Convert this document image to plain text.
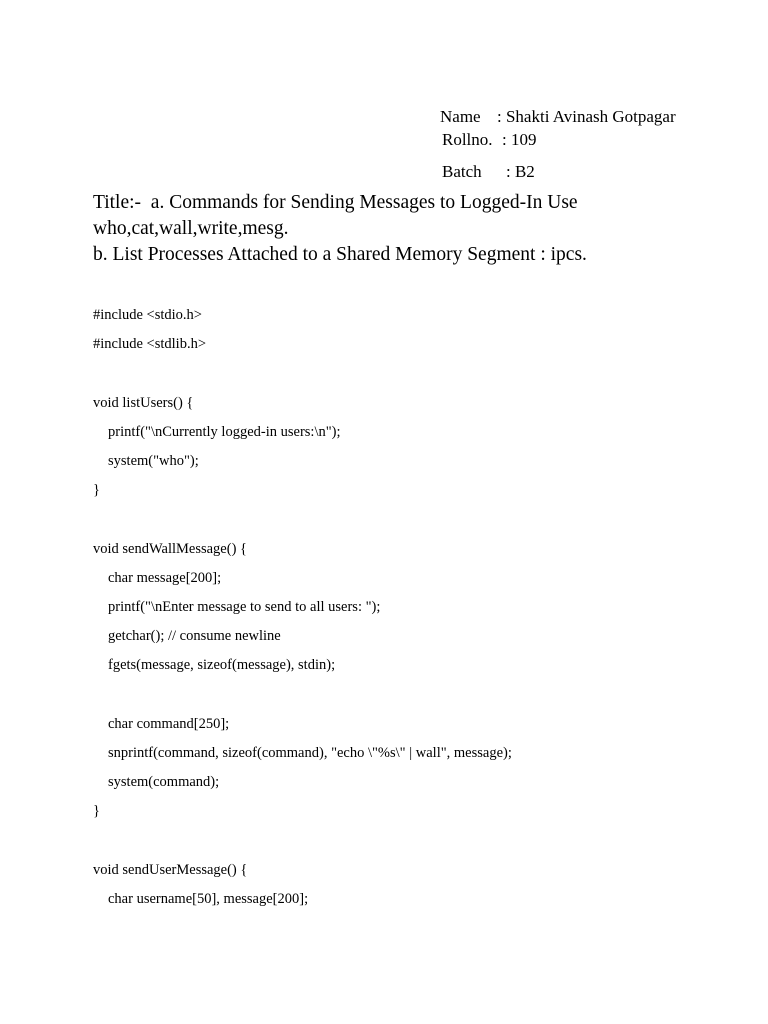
Name : Shakti Avinash Gotpagar

Rollno. : 109

Batch : B2

Title:-  a. Commands for Sending Messages to Logged-In Use
who,cat,wall,write,mesg.
b. List Processes Attached to a Shared Memory Segment : ipcs.
#include <stdio.h>
#include <stdlib.h>
void listUsers() {
printf("\nCurrently logged-in users:\n");
system("who");
}
void sendWallMessage() {
char message[200];
printf("\nEnter message to send to all users: ");
getchar(); // consume newline
fgets(message, sizeof(message), stdin);
char command[250];
snprintf(command, sizeof(command), "echo \"%s\" | wall", message);
system(command);
}
void sendUserMessage() {
char username[50], message[200];
